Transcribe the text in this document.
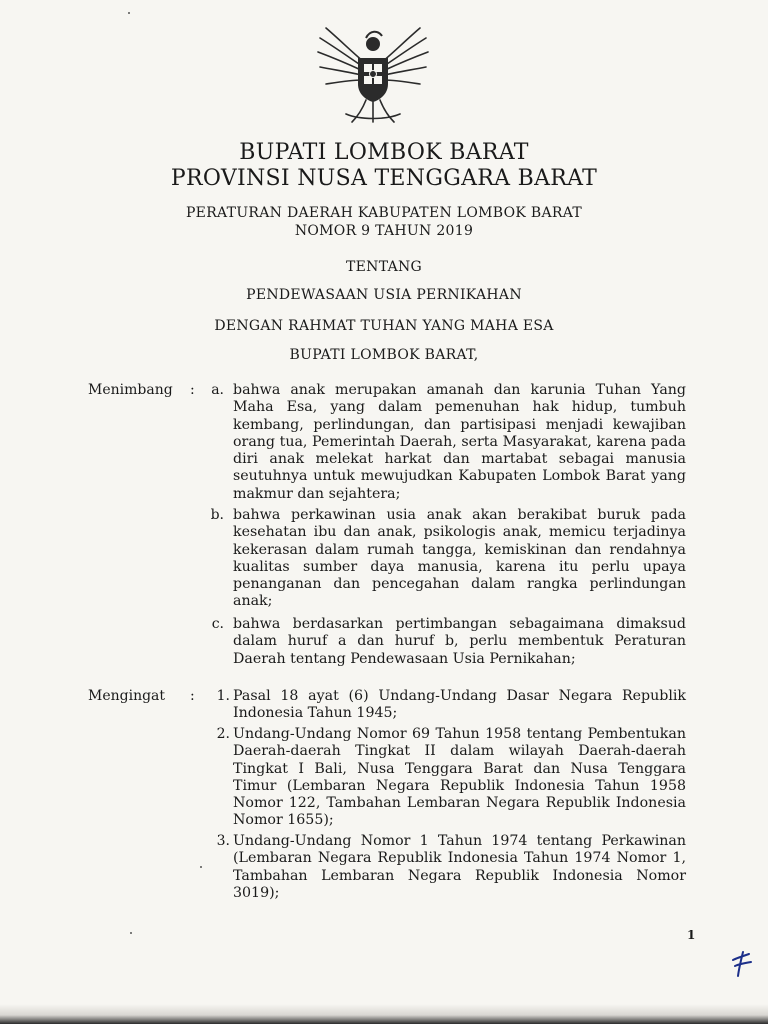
BUPATI LOMBOK BARAT
PROVINSI NUSA TENGGARA BARAT
PERATURAN DAERAH KABUPATEN LOMBOK BARAT
NOMOR 9 TAHUN 2019
TENTANG
PENDEWASAAN USIA PERNIKAHAN
DENGAN RAHMAT TUHAN YANG MAHA ESA
BUPATI LOMBOK BARAT,
Menimbang :	a. bahwa anak merupakan amanah dan karunia Tuhan Yang Maha Esa, yang dalam pemenuhan hak hidup, tumbuh kembang, perlindungan, dan partisipasi menjadi kewajiban orang tua, Pemerintah Daerah, serta Masyarakat, karena pada diri anak melekat harkat dan martabat sebagai manusia seutuhnya untuk mewujudkan Kabupaten Lombok Barat yang makmur dan sejahtera;
b. bahwa perkawinan usia anak akan berakibat buruk pada kesehatan ibu dan anak, psikologis anak, memicu terjadinya kekerasan dalam rumah tangga, kemiskinan dan rendahnya kualitas sumber daya manusia, karena itu perlu upaya penanganan dan pencegahan dalam rangka perlindungan anak;
c. bahwa berdasarkan pertimbangan sebagaimana dimaksud dalam huruf a dan huruf b, perlu membentuk Peraturan Daerah tentang Pendewasaan Usia Pernikahan;
Mengingat :	1. Pasal 18 ayat (6) Undang-Undang Dasar Negara Republik Indonesia Tahun 1945;
2. Undang-Undang Nomor 69 Tahun 1958 tentang Pembentukan Daerah-daerah Tingkat II dalam wilayah Daerah-daerah Tingkat I Bali, Nusa Tenggara Barat dan Nusa Tenggara Timur (Lembaran Negara Republik Indonesia Tahun 1958 Nomor 122, Tambahan Lembaran Negara Republik Indonesia Nomor 1655);
3. Undang-Undang Nomor 1 Tahun 1974 tentang Perkawinan (Lembaran Negara Republik Indonesia Tahun 1974 Nomor 1, Tambahan Lembaran Negara Republik Indonesia Nomor 3019);
1
